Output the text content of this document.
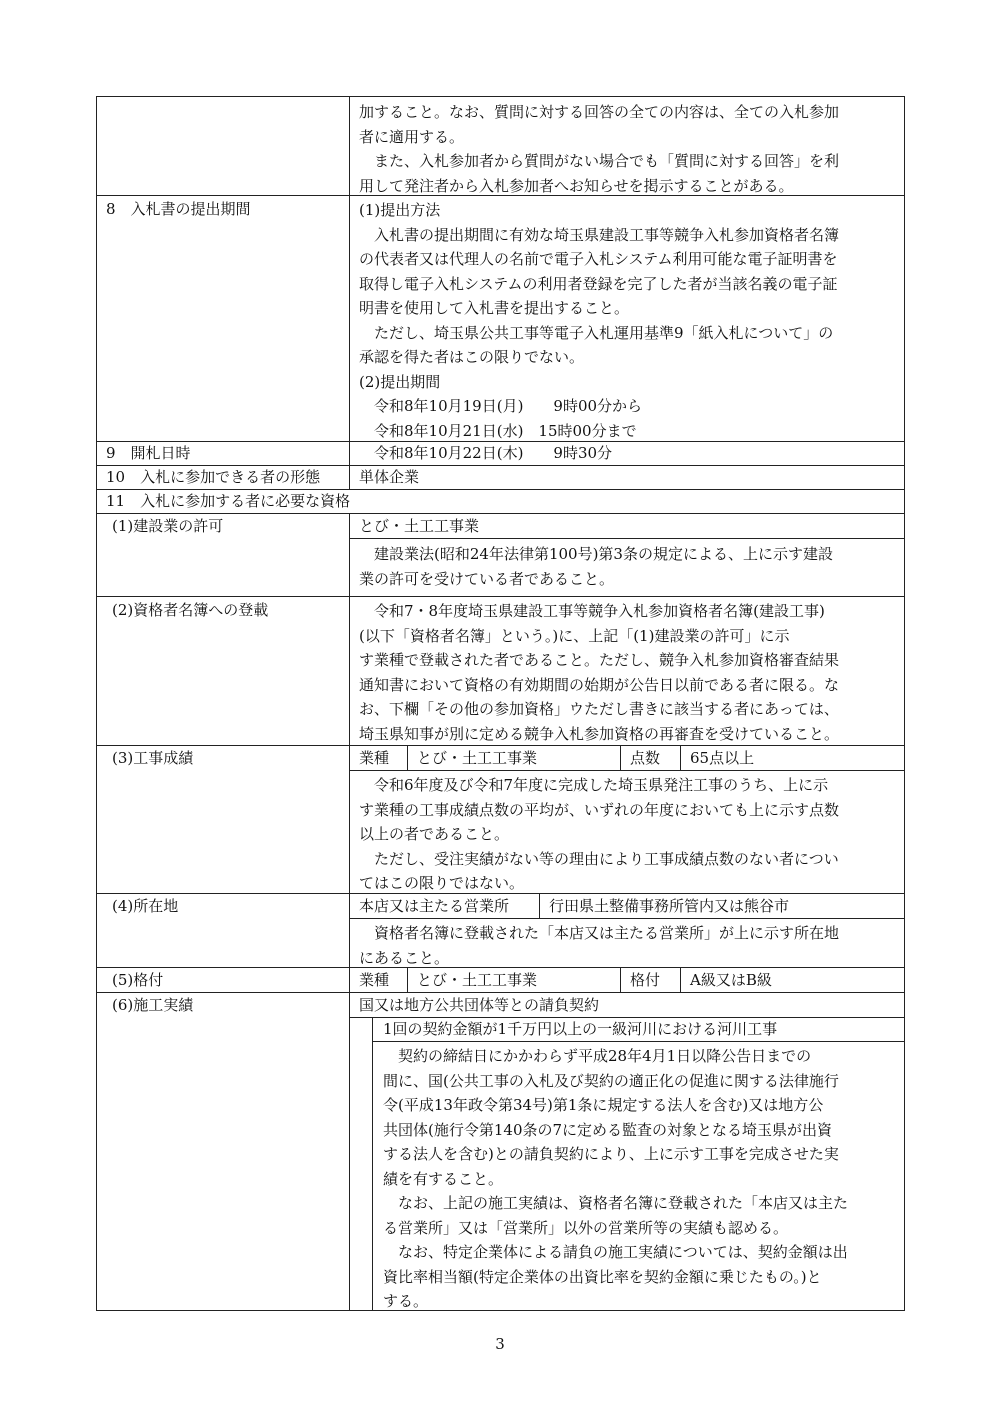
加すること。なお、質問に対する回答の全ての内容は、全ての入札参加
者に適用する。
　また、入札参加者から質問がない場合でも「質問に対する回答」を利
用して発注者から入札参加者へお知らせを掲示することがある。
8　入札書の提出期間	(1)提出方法
　入札書の提出期間に有効な埼玉県建設工事等競争入札参加資格者名簿
の代表者又は代理人の名前で電子入札システム利用可能な電子証明書を
取得し電子入札システムの利用者登録を完了した者が当該名義の電子証
明書を使用して入札書を提出すること。
　ただし、埼玉県公共工事等電子入札運用基準9「紙入札について」の
承認を得た者はこの限りでない。
(2)提出期間
　令和8年10月19日(月)　　9時00分から
　令和8年10月21日(水)　15時00分まで
9　開札日時	　令和8年10月22日(木)　　9時30分
10　入札に参加できる者の形態	単体企業
11　入札に参加する者に必要な資格
(1)建設業の許可	とび・土工工事業
　建設業法(昭和24年法律第100号)第3条の規定による、上に示す建設
業の許可を受けている者であること。
(2)資格者名簿への登載	　令和7・8年度埼玉県建設工事等競争入札参加資格者名簿(建設工事)
(以下「資格者名簿」という。)に、上記「(1)建設業の許可」に示
す業種で登載された者であること。ただし、競争入札参加資格審査結果
通知書において資格の有効期間の始期が公告日以前である者に限る。な
お、下欄「その他の参加資格」ウただし書きに該当する者にあっては、
埼玉県知事が別に定める競争入札参加資格の再審査を受けていること。
(3)工事成績	業種 とび・土工工事業	点数 65点以上
　令和6年度及び令和7年度に完成した埼玉県発注工事のうち、上に示
す業種の工事成績点数の平均が、いずれの年度においても上に示す点数
以上の者であること。
　ただし、受注実績がない等の理由により工事成績点数のない者につい
てはこの限りではない。
(4)所在地	本店又は主たる営業所	行田県土整備事務所管内又は熊谷市
　資格者名簿に登載された「本店又は主たる営業所」が上に示す所在地
にあること。
(5)格付	業種 とび・土工工事業	格付 A級又はB級
(6)施工実績	国又は地方公共団体等との請負契約
1回の契約金額が1千万円以上の一級河川における河川工事
　契約の締結日にかかわらず平成28年4月1日以降公告日までの
間に、国(公共工事の入札及び契約の適正化の促進に関する法律施行
令(平成13年政令第34号)第1条に規定する法人を含む)又は地方公
共団体(施行令第140条の7に定める監査の対象となる埼玉県が出資
する法人を含む)との請負契約により、上に示す工事を完成させた実
績を有すること。
　なお、上記の施工実績は、資格者名簿に登載された「本店又は主た
る営業所」又は「営業所」以外の営業所等の実績も認める。
　なお、特定企業体による請負の施工実績については、契約金額は出
資比率相当額(特定企業体の出資比率を契約金額に乗じたもの。)と
する。
3
